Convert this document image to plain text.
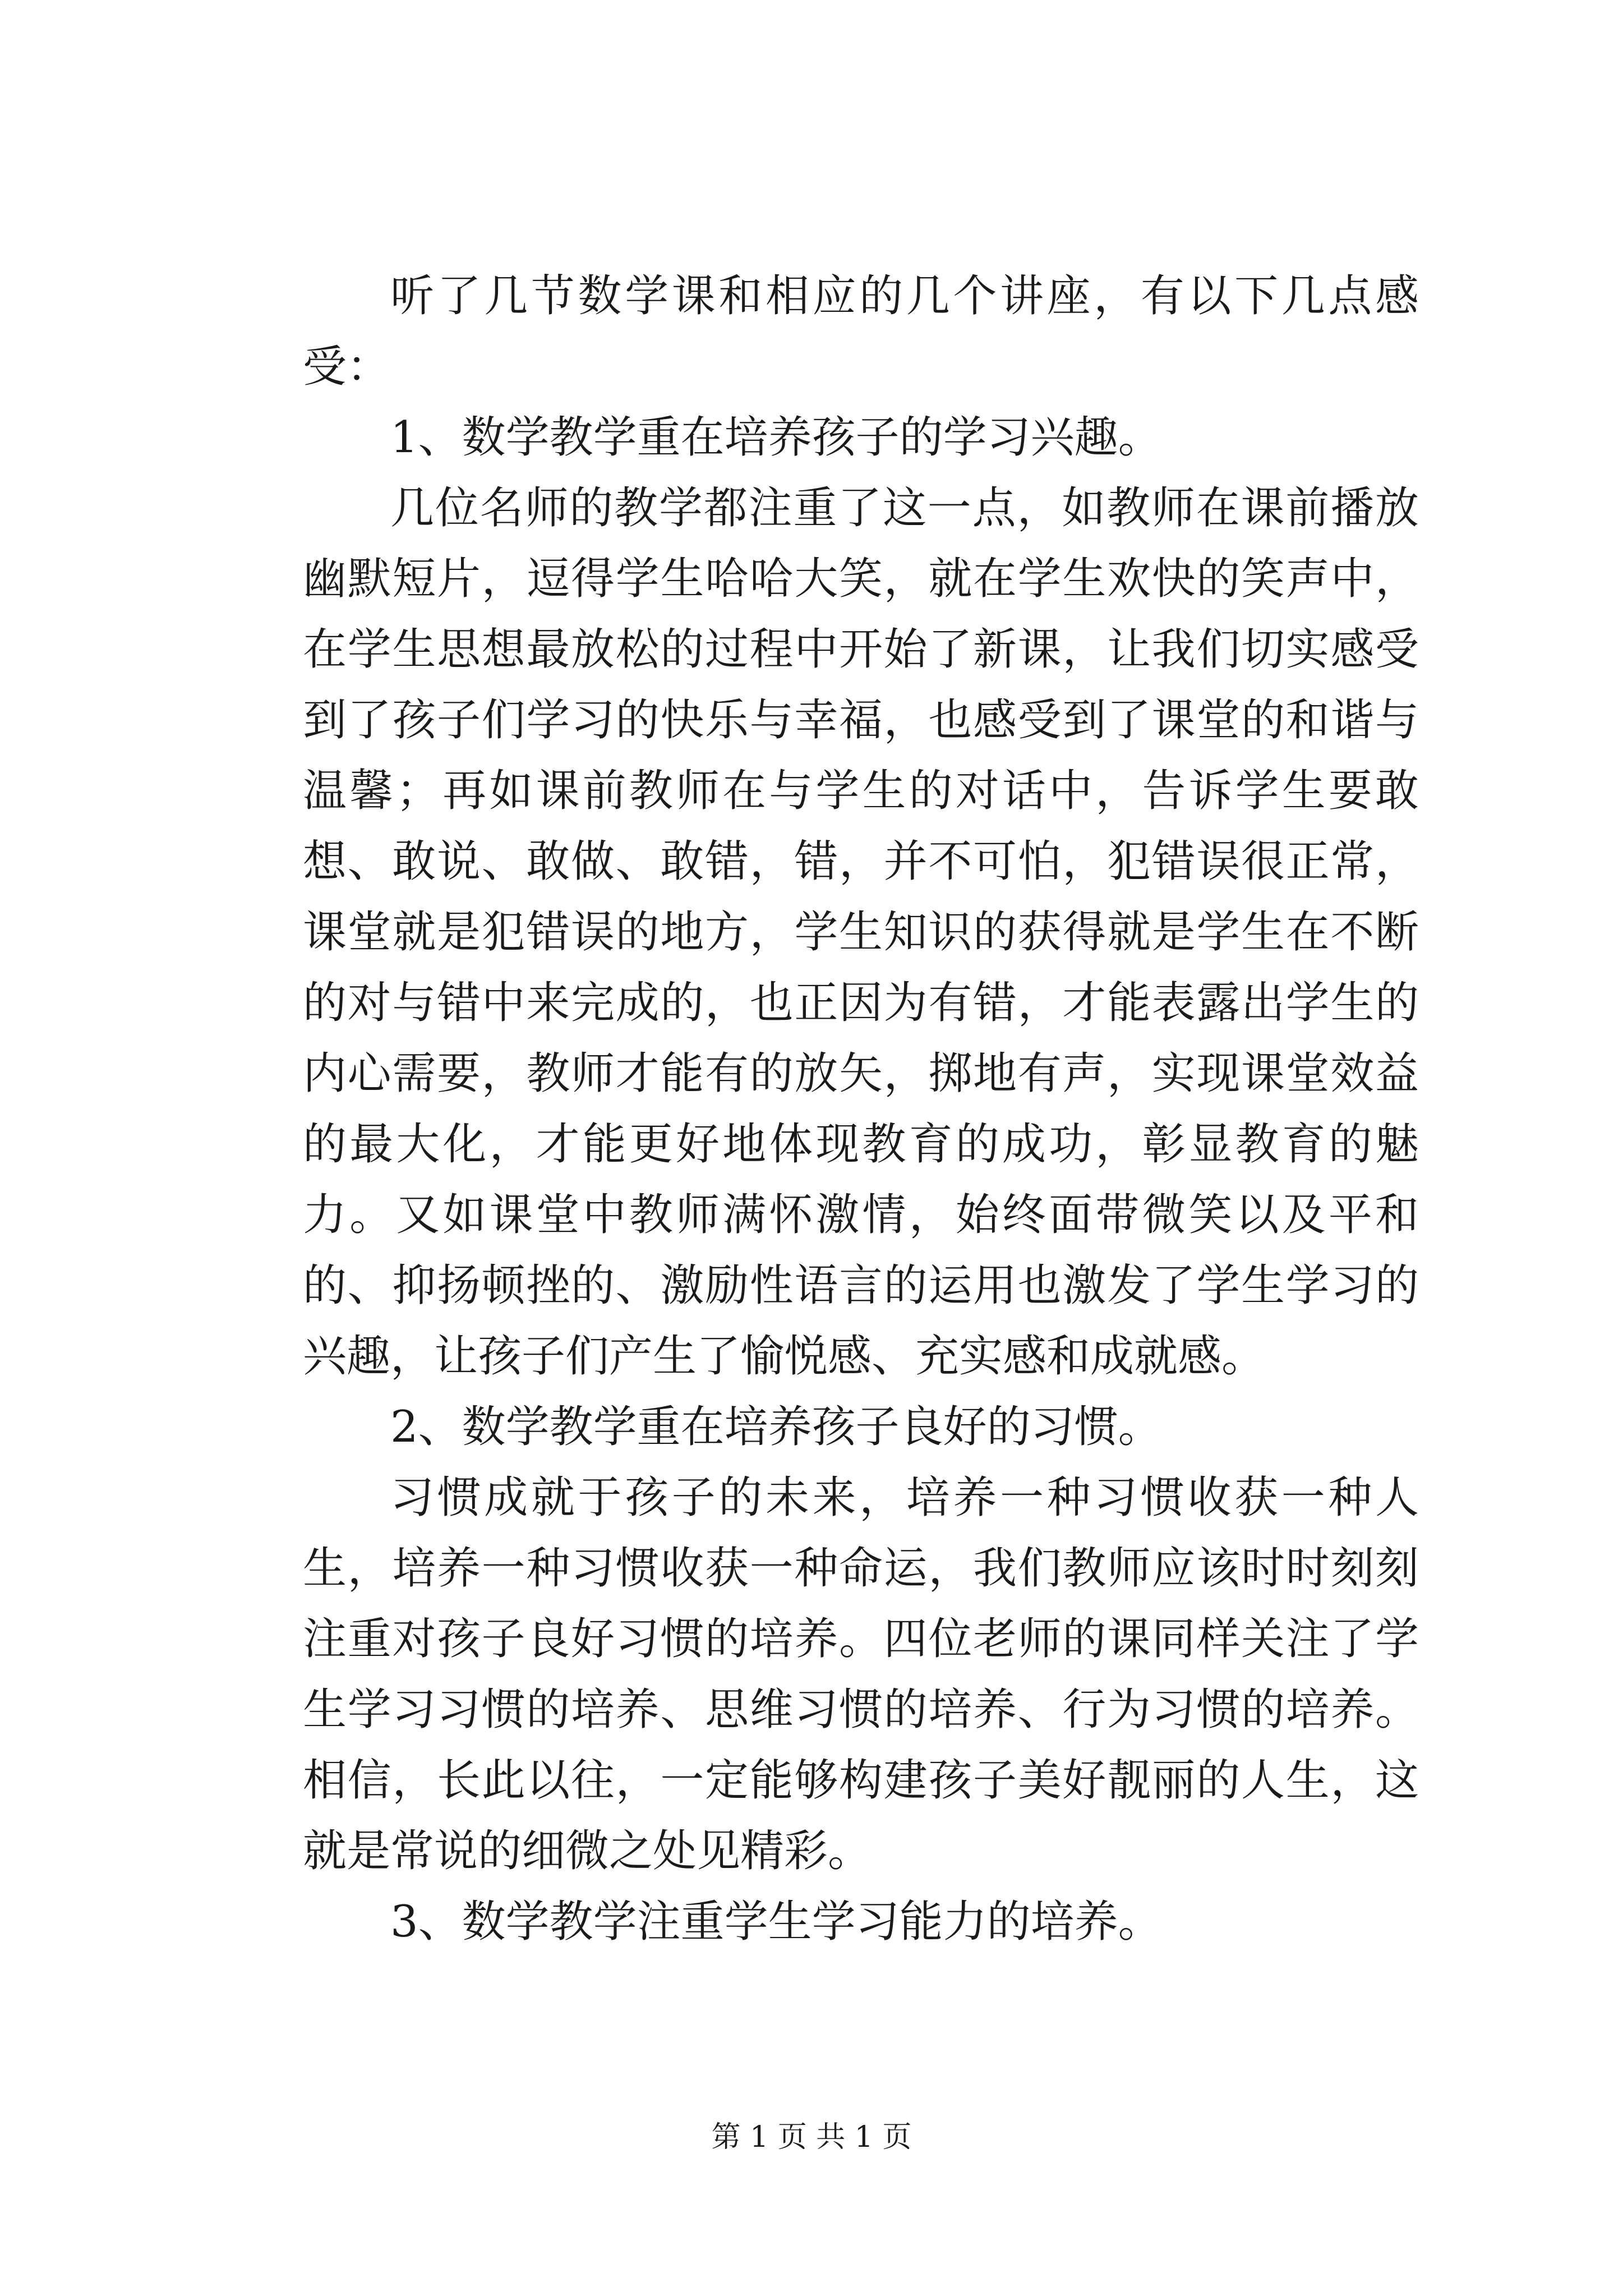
听了几节数学课和相应的几个讲座，有以下几点感受：

1、数学教学重在培养孩子的学习兴趣。

几位名师的教学都注重了这一点，如教师在课前播放幽默短片，逗得学生哈哈大笑，就在学生欢快的笑声中，在学生思想最放松的过程中开始了新课，让我们切实感受到了孩子们学习的快乐与幸福，也感受到了课堂的和谐与温馨；再如课前教师在与学生的对话中，告诉学生要敢想、敢说、敢做、敢错，错，并不可怕，犯错误很正常，课堂就是犯错误的地方，学生知识的获得就是学生在不断的对与错中来完成的，也正因为有错，才能表露出学生的内心需要，教师才能有的放矢，掷地有声，实现课堂效益的最大化，才能更好地体现教育的成功，彰显教育的魅力。又如课堂中教师满怀激情，始终面带微笑以及平和的、抑扬顿挫的、激励性语言的运用也激发了学生学习的兴趣，让孩子们产生了愉悦感、充实感和成就感。

2、数学教学重在培养孩子良好的习惯。

习惯成就于孩子的未来，培养一种习惯收获一种人生，培养一种习惯收获一种命运，我们教师应该时时刻刻注重对孩子良好习惯的培养。四位老师的课同样关注了学生学习习惯的培养、思维习惯的培养、行为习惯的培养。相信，长此以往，一定能够构建孩子美好靓丽的人生，这就是常说的细微之处见精彩。

3、数学教学注重学生学习能力的培养。

第 1 页 共 1 页
